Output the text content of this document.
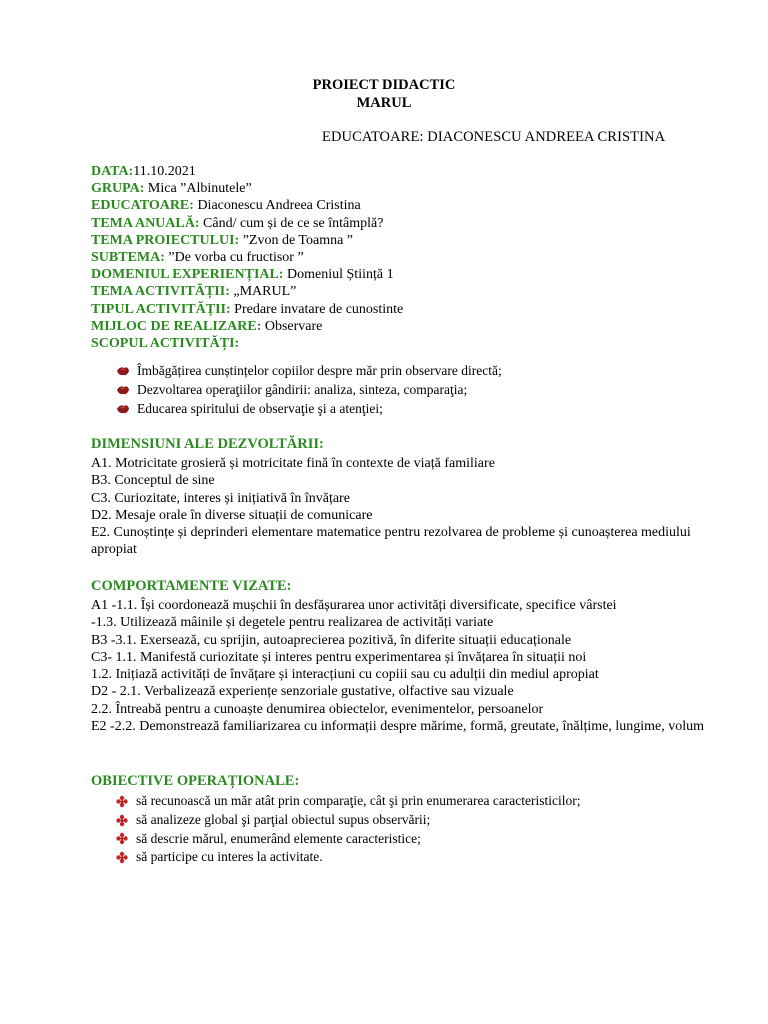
PROIECT DIDACTIC
MARUL
EDUCATOARE: DIACONESCU ANDREEA CRISTINA
DATA:11.10.2021
GRUPA: Mica ”Albinutele”
EDUCATOARE: Diaconescu Andreea Cristina
TEMA ANUALĂ: Când/ cum și de ce se întâmplă?
TEMA PROIECTULUI: ”Zvon de Toamna ”
SUBTEMA: ”De vorba cu fructisor ”
DOMENIUL EXPERIENȚIAL: Domeniul Știință 1
TEMA ACTIVITĂȚII: „MARUL”
TIPUL ACTIVITĂȚII: Predare invatare de cunostinte
MIJLOC DE REALIZARE: Observare
SCOPUL ACTIVITĂȚI:
Îmbăgățirea cunștințelor copiilor despre măr prin observare directă;
Dezvoltarea operaţiilor gândirii: analiza, sinteza, comparaţia;
Educarea spiritului de observaţie şi a atenţiei;
DIMENSIUNI ALE DEZVOLTĂRII:
A1. Motricitate grosieră și motricitate fină în contexte de viață familiare
B3. Conceptul de sine
C3. Curiozitate, interes și inițiativă în învățare
D2. Mesaje orale în diverse situații de comunicare
E2. Cunoștințe și deprinderi elementare matematice pentru rezolvarea de probleme și cunoașterea mediului apropiat
COMPORTAMENTE VIZATE:
A1 -1.1. Își coordonează mușchii în desfășurarea unor activități diversificate, specifice vârstei
-1.3. Utilizează mâinile și degetele pentru realizarea de activități variate
B3 -3.1. Exersează, cu sprijin, autoaprecierea pozitivă, în diferite situații educaționale
C3- 1.1. Manifestă curiozitate și interes pentru experimentarea și învățarea în situații noi
1.2. Inițiază activități de învățare și interacțiuni cu copiii sau cu adulții din mediul apropiat
D2 - 2.1. Verbalizează experiențe senzoriale gustative, olfactive sau vizuale
2.2. Întreabă pentru a cunoaște denumirea obiectelor, evenimentelor, persoanelor
E2 -2.2. Demonstrează familiarizarea cu informații despre mărime, formă, greutate, înălțime, lungime, volum
OBIECTIVE OPERAȚIONALE:
să recunoască un măr atât prin comparaţie, cât şi prin enumerarea caracteristicilor;
să analizeze global şi parţial obiectul supus observării;
să descrie mărul, enumerând elemente caracteristice;
să participe cu interes la activitate.
